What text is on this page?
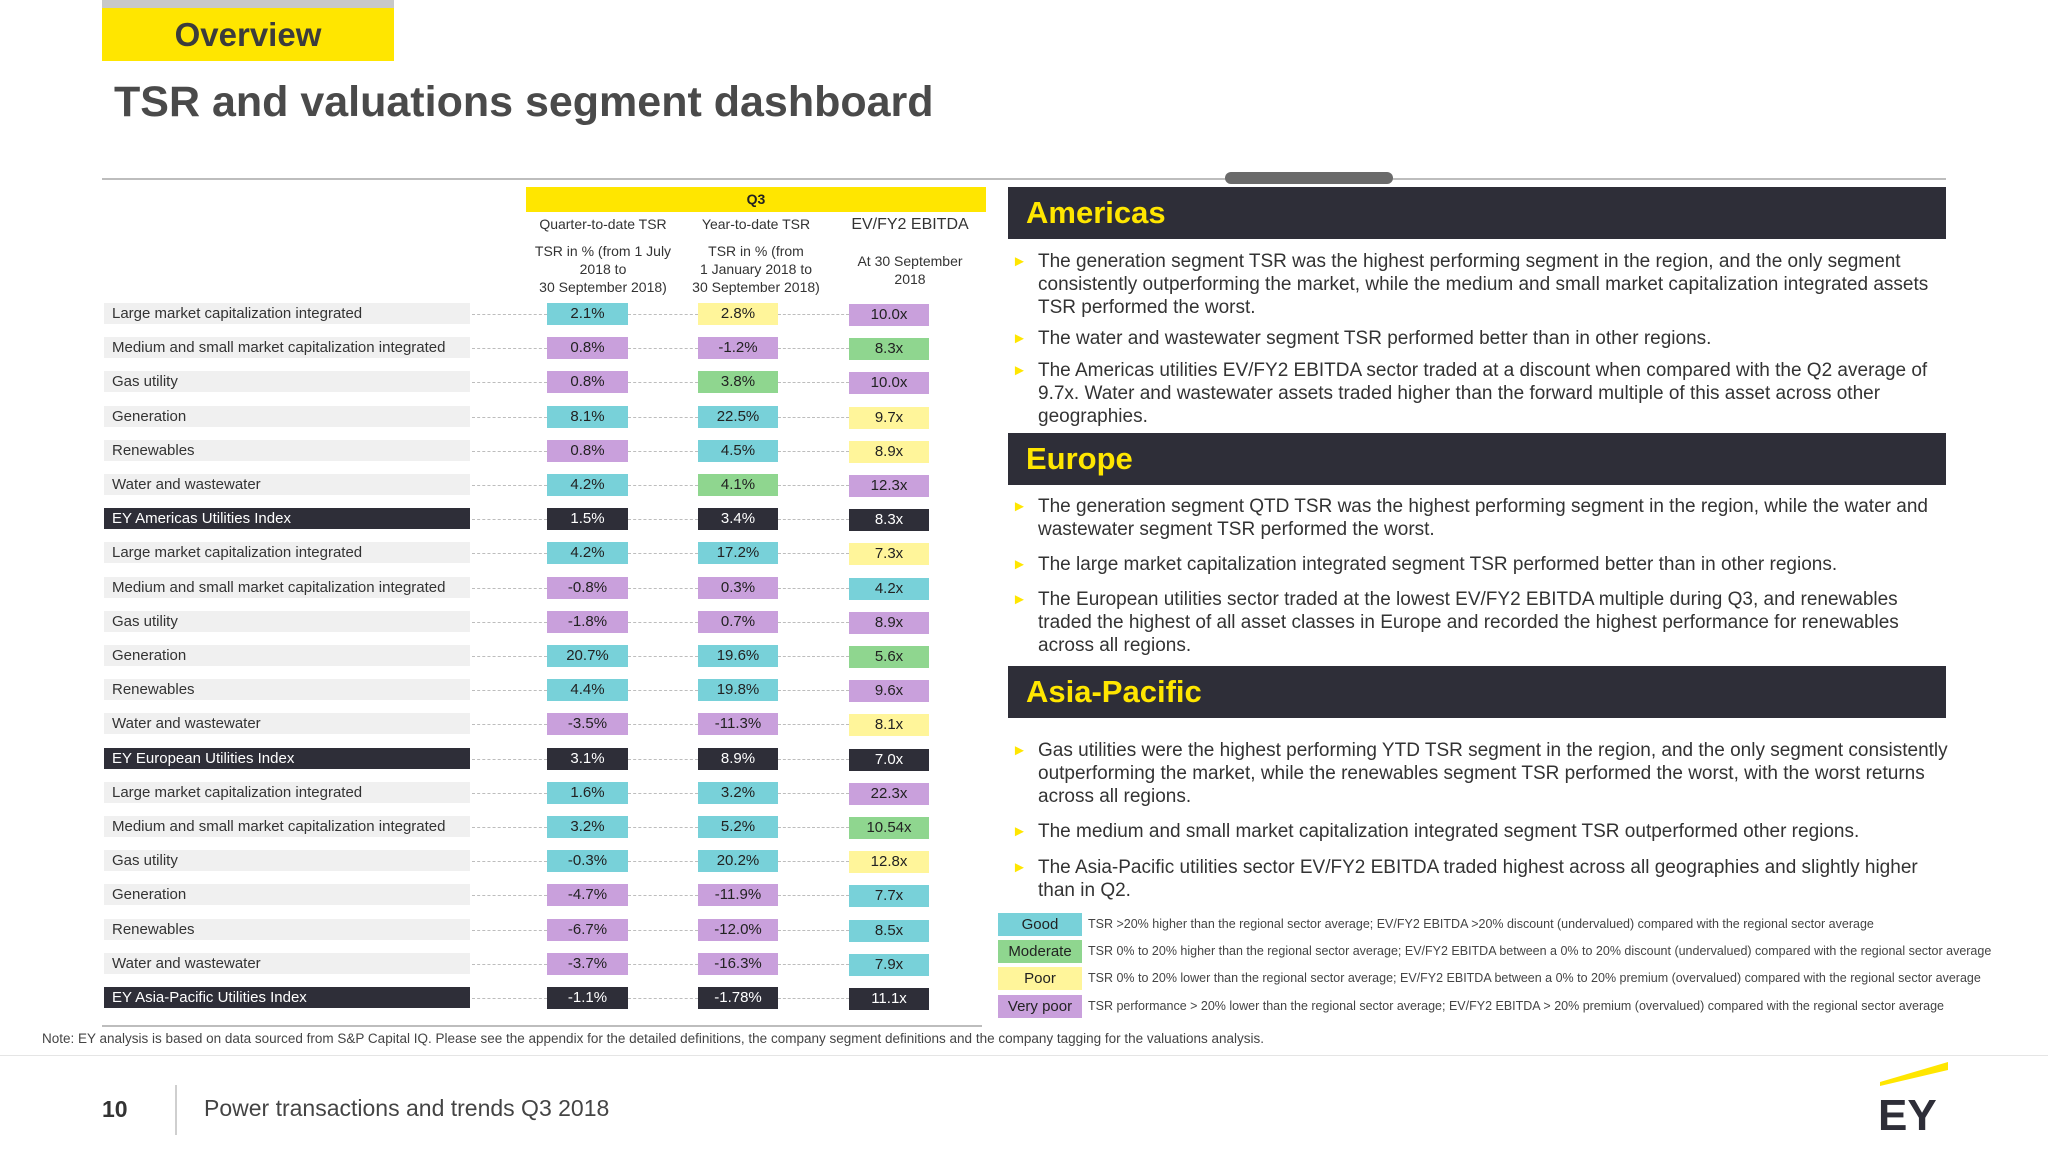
Overview
TSR and valuations segment dashboard
Q3
Quarter-to-date TSR
TSR in % (from 1 July
2018 to
30 September 2018)
Year-to-date TSR
TSR in % (from
1 January 2018 to
30 September 2018)
EV/FY2 EBITDA
At 30 September
2018
Large market capitalization integrated	2.1%	2.8%	10.0x
Medium and small market capitalization integrated	0.8%	-1.2%	8.3x
Gas utility	0.8%	3.8%	10.0x
Generation	8.1%	22.5%	9.7x
Renewables	0.8%	4.5%	8.9x
Water and wastewater	4.2%	4.1%	12.3x
EY Americas Utilities Index	1.5%	3.4%	8.3x
Large market capitalization integrated	4.2%	17.2%	7.3x
Medium and small market capitalization integrated	-0.8%	0.3%	4.2x
Gas utility	-1.8%	0.7%	8.9x
Generation	20.7%	19.6%	5.6x
Renewables	4.4%	19.8%	9.6x
Water and wastewater	-3.5%	-11.3%	8.1x
EY European Utilities Index	3.1%	8.9%	7.0x
Large market capitalization integrated	1.6%	3.2%	22.3x
Medium and small market capitalization integrated	3.2%	5.2%	10.54x
Gas utility	-0.3%	20.2%	12.8x
Generation	-4.7%	-11.9%	7.7x
Renewables	-6.7%	-12.0%	8.5x
Water and wastewater	-3.7%	-16.3%	7.9x
EY Asia-Pacific Utilities Index	-1.1%	-1.78%	11.1x
Americas
► The generation segment TSR was the highest performing segment in the region, and the only segment consistently outperforming the market, while the medium and small market capitalization integrated assets TSR performed the worst.
► The water and wastewater segment TSR performed better than in other regions.
► The Americas utilities EV/FY2 EBITDA sector traded at a discount when compared with the Q2 average of 9.7x. Water and wastewater assets traded higher than the forward multiple of this asset across other geographies.
Europe
► The generation segment QTD TSR was the highest performing segment in the region, while the water and wastewater segment TSR performed the worst.
► The large market capitalization integrated segment TSR performed better than in other regions.
► The European utilities sector traded at the lowest EV/FY2 EBITDA multiple during Q3, and renewables traded the highest of all asset classes in Europe and recorded the highest performance for renewables across all regions.
Asia-Pacific
► Gas utilities were the highest performing YTD TSR segment in the region, and the only segment consistently outperforming the market, while the renewables segment TSR performed the worst, with the worst returns across all regions.
► The medium and small market capitalization integrated segment TSR outperformed other regions.
► The Asia-Pacific utilities sector EV/FY2 EBITDA traded highest across all geographies and slightly higher than in Q2.
Good	TSR >20% higher than the regional sector average; EV/FY2 EBITDA >20% discount (undervalued) compared with the regional sector average
Moderate	TSR 0% to 20% higher than the regional sector average; EV/FY2 EBITDA between a 0% to 20% discount (undervalued) compared with the regional sector average
Poor	TSR 0% to 20% lower than the regional sector average; EV/FY2 EBITDA between a 0% to 20% premium (overvalued) compared with the regional sector average
Very poor	TSR performance > 20% lower than the regional sector average; EV/FY2 EBITDA > 20% premium (overvalued) compared with the regional sector average
Note: EY analysis is based on data sourced from S&P Capital IQ. Please see the appendix for the detailed definitions, the company segment definitions and the company tagging for the valuations analysis.
10	Power transactions and trends Q3 2018	EY
